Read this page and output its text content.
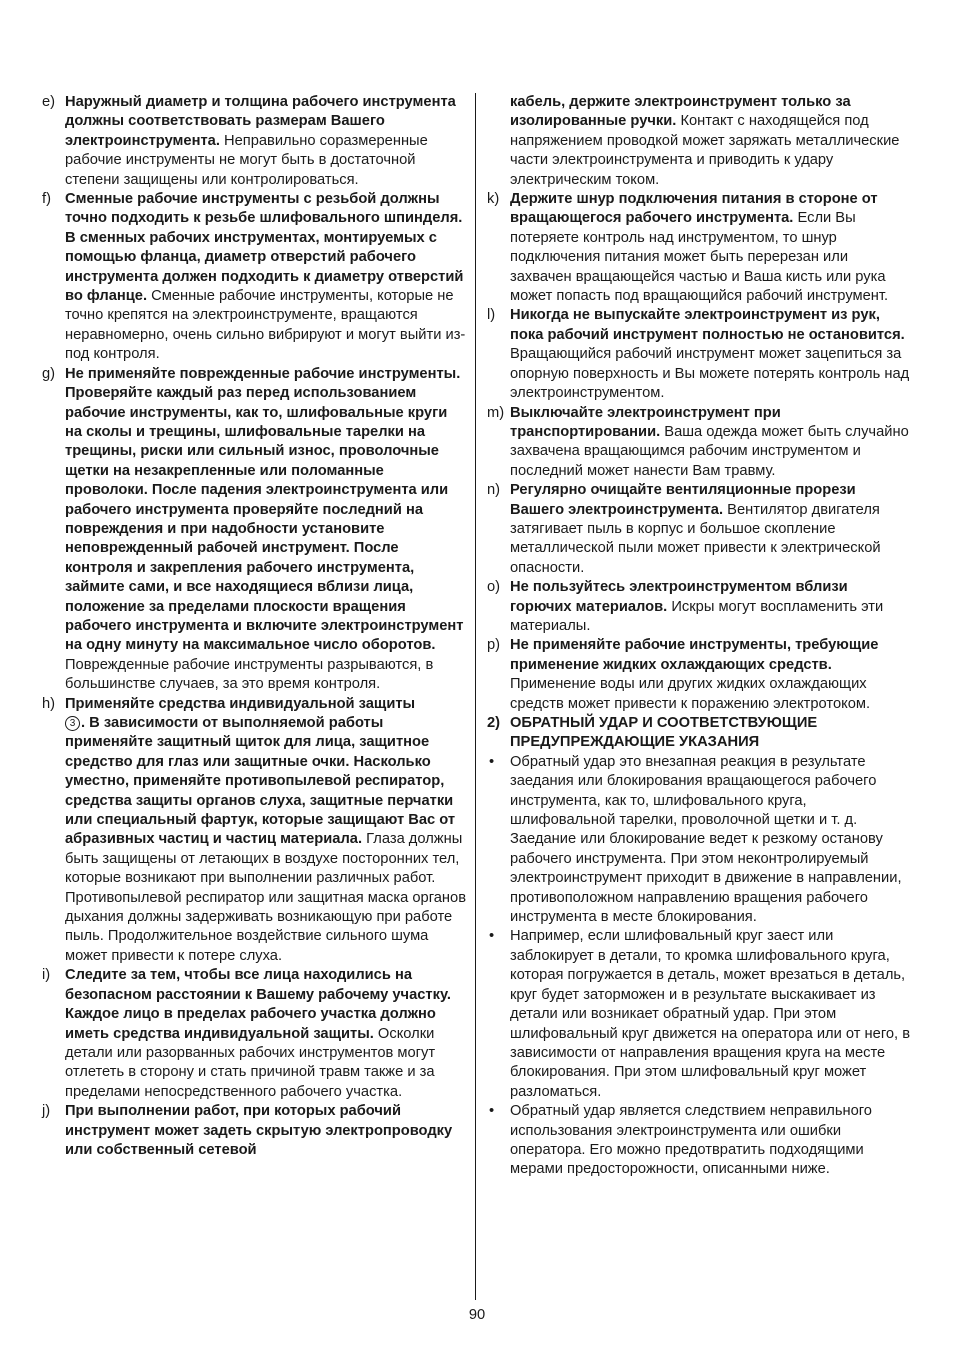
e) Наружный диаметр и толщина рабочего инструмента должны соответствовать размерам Вашего электроинструмента. Неправильно соразмеренные рабочие инструменты не могут быть в достаточной степени защищены или контролироваться.
f) Сменные рабочие инструменты с резьбой должны точно подходить к резьбе шлифовального шпинделя. В сменных рабочих инструментах, монтируемых с помощью фланца, диаметр отверстий рабочего инструмента должен подходить к диаметру отверстий во фланце. Сменные рабочие инструменты, которые не точно крепятся на электроинструменте, вращаются неравномерно, очень сильно вибрируют и могут выйти из-под контроля.
g) Не применяйте поврежденные рабочие инструменты. Проверяйте каждый раз перед использованием рабочие инструменты, как то, шлифовальные круги на сколы и трещины, шлифовальные тарелки на трещины, риски или сильный износ, проволочные щетки на незакрепленные или поломанные проволоки. После падения электроинструмента или рабочего инструмента проверяйте последний на повреждения и при надобности установите неповрежденный рабочей инструмент. После контроля и закрепления рабочего инструмента, займите сами, и все находящиеся вблизи лица, положение за пределами плоскости вращения рабочего инструмента и включите электроинструмент на одну минуту на максимальное число оборотов. Поврежденные рабочие инструменты разрываются, в большинстве случаев, за это время контроля.
h) Применяйте средства индивидуальной защиты
3 . В зависимости от выполняемой работы применяйте защитный щиток для лица, защитное средство для глаз или защитные очки. Насколько уместно, применяйте противопылевой респиратор, средства защиты органов слуха, защитные перчатки или специальный фартук, которые защищают Вас от абразивных частиц и частиц материала. Глаза должны быть защищены от летающих в воздухе посторонних тел, которые возникают при выполнении различных работ. Противопылевой респиратор или защитная маска органов дыхания должны задерживать возникающую при работе пыль. Продолжительное воздействие сильного шума может привести к потере слуха.
i)	Следите за тем, чтобы все лица находились на безопасном расстоянии к Вашему рабочему участку. Каждое лицо в пределах рабочего участка должно иметь средства индивидуальной защиты. Осколки детали или разорванных рабочих инструментов могут отлететь в сторону и стать причиной травм также и за пределами непосредственного рабочего участка.
j)	При выполнении работ, при которых рабочий инструмент может задеть скрытую электропроводку или собственный сетевой
кабель, держите электроинструмент только за изолированные ручки. Контакт с находящейся под напряжением проводкой может заряжать металлические части электроинструмента и приводить к удару электрическим током.
k) Держите шнур подключения питания в стороне от вращающегося рабочего инструмента. Если Вы потеряете контроль над инструментом, то шнур подключения питания может быть перерезан или захвачен вращающейся частью и Ваша кисть или рука может попасть под вращающийся рабочий инструмент.
l)	Никогда не выпускайте электроинструмент из рук, пока рабочий инструмент полностью не остановится. Вращающийся рабочий инструмент может зацепиться за опорную поверхность и Вы можете потерять контроль над электроинструментом.
m) Выключайте электроинструмент при транспортировании. Ваша одежда может быть случайно захвачена вращающимся рабочим инструментом и последний может нанести Вам травму.
n) Регулярно очищайте вентиляционные прорези Вашего электроинструмента. Вентилятор двигателя затягивает пыль в корпус и большое скопление металлической пыли может привести к электрической опасности.
o) Не пользуйтесь электроинструментом вблизи горючих материалов. Искры могут воспламенить эти материалы.
p) Не применяйте рабочие инструменты, требующие применение жидких охлаждающих средств. Применение воды или других жидких охлаждающих средств может привести к поражению электротоком.
2) ОБРАТНЫЙ УДАР И СООТВЕТСТВУЮЩИЕ ПРЕДУПРЕЖДАЮЩИЕ УКАЗАНИЯ
•	Обратный удар это внезапная реакция в результате заедания или блокирования вращающегося рабочего инструмента, как то, шлифовального круга, шлифовальной тарелки, проволочной щетки и т. д. Заедание или блокирование ведет к резкому останову рабочего инструмента. При этом неконтролируемый электроинструмент приходит в движение в направлении, противоположном направлению вращения рабочего инструмента в месте блокирования.
•	Например, если шлифовальный круг заест или заблокирует в детали, то кромка шлифовального круга, которая погружается в деталь, может врезаться в деталь, круг будет заторможен и в результате выскакивает из детали или возникает обратный удар. При этом шлифовальный круг движется на оператора или от него, в зависимости от направления вращения круга на месте блокирования. При этом шлифовальный круг может разломаться.
•	Обратный удар является следствием неправильного использования электроинструмента или ошибки оператора. Его можно предотвратить подходящими мерами предосторожности, описанными ниже.
90
